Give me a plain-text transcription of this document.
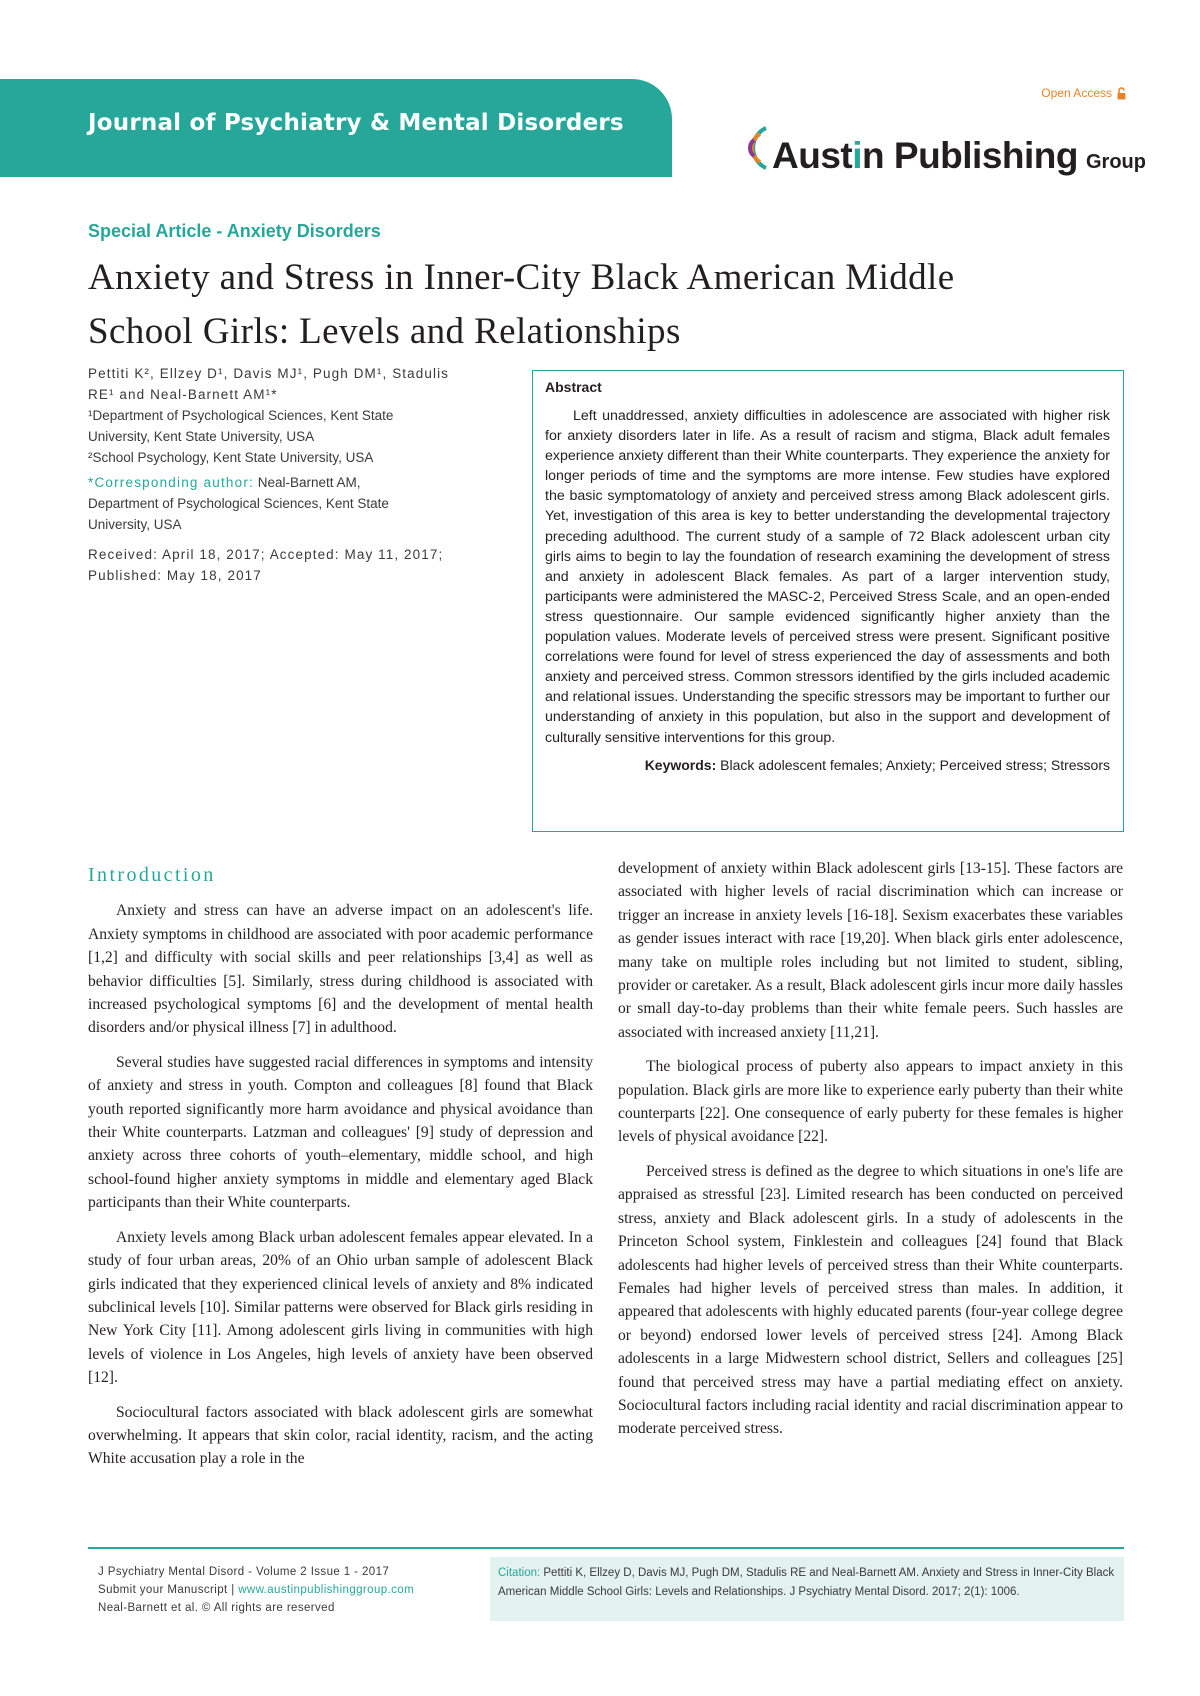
Journal of Psychiatry & Mental Disorders
Open Access
Austin Publishing Group
Special Article - Anxiety Disorders
Anxiety and Stress in Inner-City Black American Middle
School Girls: Levels and Relationships
Pettiti K², Ellzey D¹, Davis MJ¹, Pugh DM¹, Stadulis
RE¹ and Neal-Barnett AM¹*
¹Department of Psychological Sciences, Kent State
University, Kent State University, USA
²School Psychology, Kent State University, USA
*Corresponding author: Neal-Barnett AM,
Department of Psychological Sciences, Kent State
University, USA
Received: April 18, 2017; Accepted: May 11, 2017;
Published: May 18, 2017
Abstract
Left unaddressed, anxiety difficulties in adolescence are associated with higher risk for anxiety disorders later in life. As a result of racism and stigma, Black adult females experience anxiety different than their White counterparts. They experience the anxiety for longer periods of time and the symptoms are more intense. Few studies have explored the basic symptomatology of anxiety and perceived stress among Black adolescent girls. Yet, investigation of this area is key to better understanding the developmental trajectory preceding adulthood. The current study of a sample of 72 Black adolescent urban city girls aims to begin to lay the foundation of research examining the development of stress and anxiety in adolescent Black females. As part of a larger intervention study, participants were administered the MASC-2, Perceived Stress Scale, and an open-ended stress questionnaire. Our sample evidenced significantly higher anxiety than the population values. Moderate levels of perceived stress were present. Significant positive correlations were found for level of stress experienced the day of assessments and both anxiety and perceived stress. Common stressors identified by the girls included academic and relational issues. Understanding the specific stressors may be important to further our understanding of anxiety in this population, but also in the support and development of culturally sensitive interventions for this group.
Keywords: Black adolescent females; Anxiety; Perceived stress; Stressors
Introduction

Anxiety and stress can have an adverse impact on an adolescent's life. Anxiety symptoms in childhood are associated with poor academic performance [1,2] and difficulty with social skills and peer relationships [3,4] as well as behavior difficulties [5]. Similarly, stress during childhood is associated with increased psychological symptoms [6] and the development of mental health disorders and/or physical illness [7] in adulthood.

Several studies have suggested racial differences in symptoms and intensity of anxiety and stress in youth. Compton and colleagues [8] found that Black youth reported significantly more harm avoidance and physical avoidance than their White counterparts. Latzman and colleagues' [9] study of depression and anxiety across three cohorts of youth–elementary, middle school, and high school-found higher anxiety symptoms in middle and elementary aged Black participants than their White counterparts.

Anxiety levels among Black urban adolescent females appear elevated. In a study of four urban areas, 20% of an Ohio urban sample of adolescent Black girls indicated that they experienced clinical levels of anxiety and 8% indicated subclinical levels [10]. Similar patterns were observed for Black girls residing in New York City [11]. Among adolescent girls living in communities with high levels of violence in Los Angeles, high levels of anxiety have been observed [12].

Sociocultural factors associated with black adolescent girls are somewhat overwhelming. It appears that skin color, racial identity, racism, and the acting White accusation play a role in the

development of anxiety within Black adolescent girls [13-15]. These factors are associated with higher levels of racial discrimination which can increase or trigger an increase in anxiety levels [16-18]. Sexism exacerbates these variables as gender issues interact with race [19,20]. When black girls enter adolescence, many take on multiple roles including but not limited to student, sibling, provider or caretaker. As a result, Black adolescent girls incur more daily hassles or small day-to-day problems than their white female peers. Such hassles are associated with increased anxiety [11,21].

The biological process of puberty also appears to impact anxiety in this population. Black girls are more like to experience early puberty than their white counterparts [22]. One consequence of early puberty for these females is higher levels of physical avoidance [22].

Perceived stress is defined as the degree to which situations in one's life are appraised as stressful [23]. Limited research has been conducted on perceived stress, anxiety and Black adolescent girls. In a study of adolescents in the Princeton School system, Finklestein and colleagues [24] found that Black adolescents had higher levels of perceived stress than their White counterparts. Females had higher levels of perceived stress than males. In addition, it appeared that adolescents with highly educated parents (four-year college degree or beyond) endorsed lower levels of perceived stress [24]. Among Black adolescents in a large Midwestern school district, Sellers and colleagues [25] found that perceived stress may have a partial mediating effect on anxiety. Sociocultural factors including racial identity and racial discrimination appear to moderate perceived stress.

J Psychiatry Mental Disord - Volume 2 Issue 1 - 2017
Submit your Manuscript | www.austinpublishinggroup.com
Neal-Barnett et al. © All rights are reserved
Citation: Pettiti K, Ellzey D, Davis MJ, Pugh DM, Stadulis RE and Neal-Barnett AM. Anxiety and Stress in Inner-City Black American Middle School Girls: Levels and Relationships. J Psychiatry Mental Disord. 2017; 2(1): 1006.
